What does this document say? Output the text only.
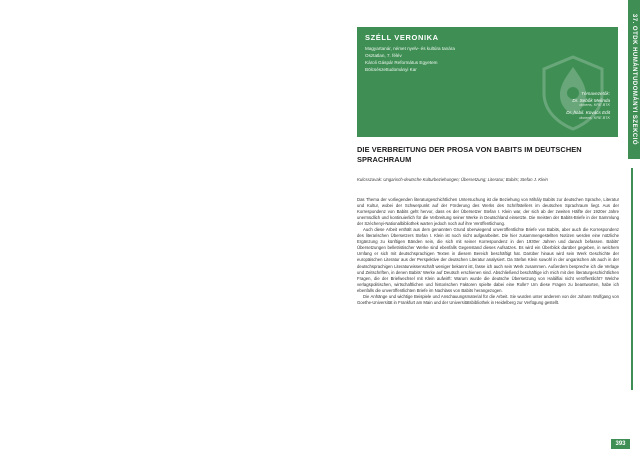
SZÉLL VERONIKA
Magyartanár, német nyelv- és kultúra tanára
Osztatlan, 7. félév
Károli Gáspár Református Egyetem
Bölcsészettudományi Kar
Témavezetők:
Dr. Sebők Melinda
docens, KRE BTK
Dr. habil. Kovács Edit
docens, KRE BTK	37. OTDK HUMÁNTUDOMÁNYI SZEKCIÓ
DIE VERBREITUNG DER PROSA VON BABITS IM DEUTSCHEN SPRACHRAUM
Kulcsszavak: Ungarisch-deutsche Kulturbeziehungen; Übersetzung; Literatur; Babits; Stefan J. Klein

Das Thema der vorliegenden literaturgeschichtlichen Untersuchung ist die Beziehung von Mihály Babits zur deutschen Sprache, Literatur und Kultur, wobei der Schwerpunkt auf der Förderung des Werks des Schriftstellers im deutschen Sprachraum liegt. Aus der Korrespondenz von Babits geht hervor, dass es der Übersetzer Stefan I. Klein war, der sich ab der zweiten Hälfte der 1920er Jahre unermüdlich und kontinuierlich für die Verbreitung seiner Werke in Deutschland einsetzte. Die meisten der Babits-Briefe in der Sammlung der Széchenyi-Nationalbibliothek warten jedoch noch auf ihre Veröffentlichung.

Auch diese Arbeit enthält aus dem genannten Grund überwiegend unveröffentlichte Briefe von Babits, aber auch die Korrespondenz des literarischen Übersetzers Stefan I. Klein ist noch nicht aufgearbeitet. Die hier zusammengestellten Notizen werden eine nützliche Ergänzung zu künftigen Bänden sein, die sich mit seiner Korrespondenz in den 1930er Jahren und danach befassen. Babits' Übersetzungen belletristischer Werke sind ebenfalls Gegenstand dieses Aufsatzes. Es wird ein Überblick darüber gegeben, in welchem Umfang er sich mit deutschsprachigen Texten in diesem Bereich beschäftigt hat. Darüber hinaus wird sein Werk Geschichte der europäischen Literatur aus der Perspektive der deutschen Literatur analysiert. Da Stefan Klein sowohl in der ungarischen als auch in der deutschsprachigen Literaturwissenschaft weniger bekannt ist, fasse ich auch sein Werk zusammen. Außerdem bespreche ich die Verlage und Zeitschriften, in denen Babits' Werke auf Deutsch erschienen sind. Abschließend beschäftige ich mich mit den literaturgeschichtlichen Fragen, die der Briefwechsel mit Klein aufwirft: Warum wurde die deutsche Übersetzung von Halálfiai nicht veröffentlicht? Welche verlagspolitischen, wirtschaftlichen und historischen Faktoren spielte dabei eine Rolle? Um diese Fragen zu beantworten, habe ich ebenfalls die unveröffentlichten Briefe im Nachlass von Babits herangezogen.

Die Anhänge und wichtige Beispiele und Anschauungsmaterial für die Arbeit. Sie wurden unter anderem von der Johann Wolfgang von Goethe-Universität in Frankfurt am Main und der Universitätsbibliothek in Heidelberg zur Verfügung gestellt.

393
